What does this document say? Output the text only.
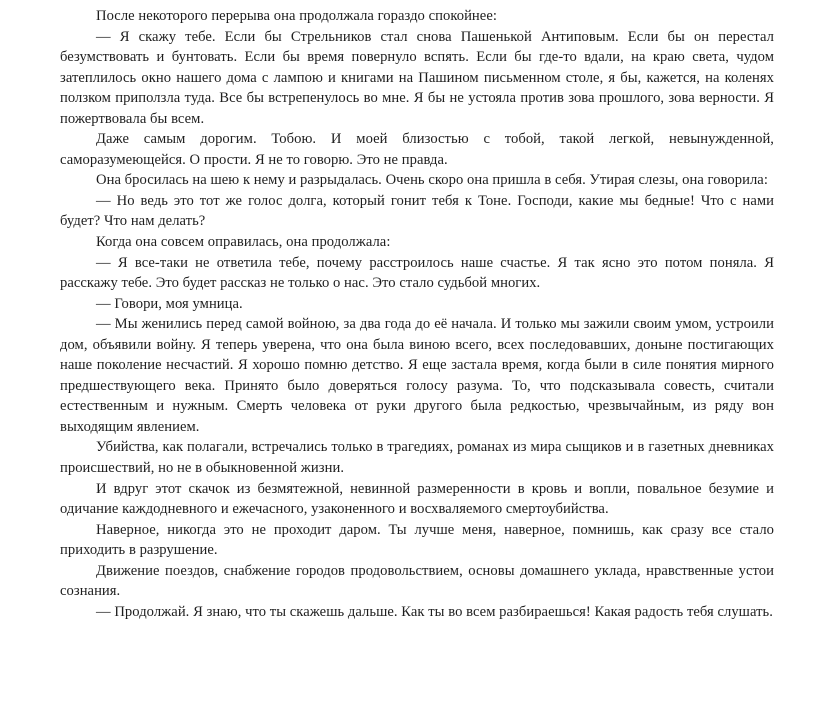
После некоторого перерыва она продолжала гораздо спокойнее:

— Я скажу тебе. Если бы Стрельников стал снова Пашенькой Антиповым. Если бы он перестал безумствовать и бунтовать. Если бы время повернуло вспять. Если бы где-то вдали, на краю света, чудом затеплилось окно нашего дома с лампою и книгами на Пашином письменном столе, я бы, кажется, на коленях ползком приползла туда. Все бы встрепенулось во мне. Я бы не устояла против зова прошлого, зова верности. Я пожертвовала бы всем.

Даже самым дорогим. Тобою. И моей близостью с тобой, такой легкой, невынужденной, саморазумеющейся. О прости. Я не то говорю. Это не правда.

Она бросилась на шею к нему и разрыдалась. Очень скоро она пришла в себя. Утирая слезы, она говорила:

— Но ведь это тот же голос долга, который гонит тебя к Тоне. Господи, какие мы бедные! Что с нами будет? Что нам делать?

Когда она совсем оправилась, она продолжала:

— Я все-таки не ответила тебе, почему расстроилось наше счастье. Я так ясно это потом поняла. Я расскажу тебе. Это будет рассказ не только о нас. Это стало судьбой многих.

— Говори, моя умница.

— Мы женились перед самой войною, за два года до её начала. И только мы зажили своим умом, устроили дом, объявили войну. Я теперь уверена, что она была виною всего, всех последовавших, доныне постигающих наше поколение несчастий. Я хорошо помню детство. Я еще застала время, когда были в силе понятия мирного предшествующего века. Принято было доверяться голосу разума. То, что подсказывала совесть, считали естественным и нужным. Смерть человека от руки другого была редкостью, чрезвычайным, из ряду вон выходящим явлением.

Убийства, как полагали, встречались только в трагедиях, романах из мира сыщиков и в газетных дневниках происшествий, но не в обыкновенной жизни.

И вдруг этот скачок из безмятежной, невинной размеренности в кровь и вопли, повальное безумие и одичание каждодневного и ежечасного, узаконенного и восхваляемого смертоубийства.

Наверное, никогда это не проходит даром. Ты лучше меня, наверное, помнишь, как сразу все стало приходить в разрушение.

Движение поездов, снабжение городов продовольствием, основы домашнего уклада, нравственные устои сознания.

— Продолжай. Я знаю, что ты скажешь дальше. Как ты во всем разбираешься! Какая радость тебя слушать.
